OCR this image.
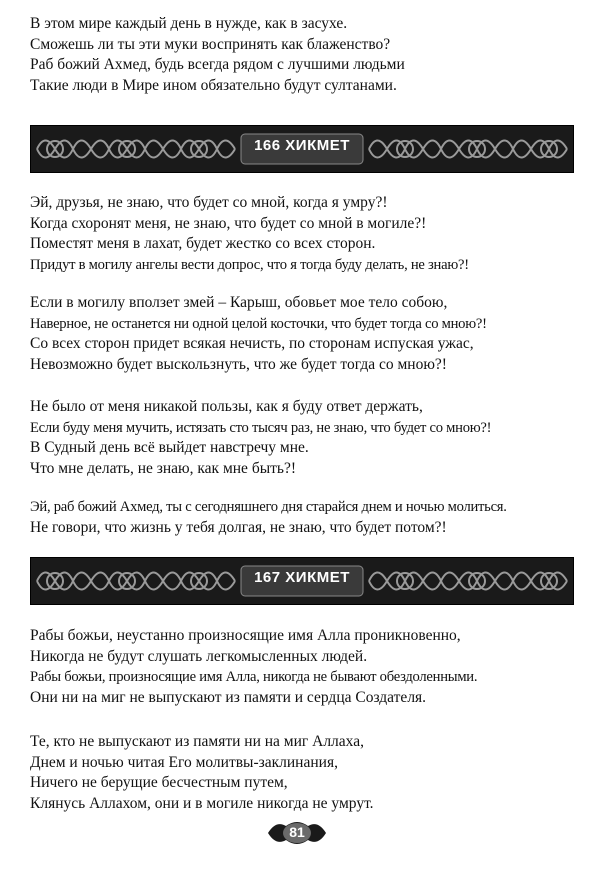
В этом мире каждый день в нужде, как в засухе.
Сможешь ли ты эти муки воспринять как блаженство?
Раб божий Ахмед, будь всегда рядом с лучшими людьми
Такие люди в Мире ином обязательно будут султанами.
166 ХИКМЕТ
Эй, друзья, не знаю, что будет со мной, когда я умру?!
Когда схоронят меня, не знаю, что будет со мной в могиле?!
Поместят меня в лахат, будет жестко со всех сторон.
Придут в могилу ангелы вести допрос, что я тогда буду делать, не знаю?!
Если в могилу вползет змей – Карыш, обовьет мое тело собою,
Наверное, не останется ни одной целой косточки, что будет тогда со мною?!
Со всех сторон придет всякая нечисть, по сторонам испуская ужас,
Невозможно будет выскользнуть, что же будет тогда со мною?!
Не было от меня никакой пользы, как я буду ответ держать,
Если буду меня мучить, истязать сто тысяч раз, не знаю, что будет со мною?!
В Судный день всё выйдет навстречу мне.
Что мне делать, не знаю, как мне быть?!
Эй, раб божий Ахмед, ты с сегодняшнего дня старайся днем и ночью молиться.
Не говори, что жизнь у тебя долгая, не знаю, что будет потом?!
167 ХИКМЕТ
Рабы божьи, неустанно произносящие имя Алла проникновенно,
Никогда не будут слушать легкомысленных людей.
Рабы божьи, произносящие имя Алла, никогда не бывают обездоленными.
Они ни на миг не выпускают из памяти и сердца Создателя.
Те, кто не выпускают из памяти ни на миг Аллаха,
Днем и ночью читая Его молитвы-заклинания,
Ничего не берущие бесчестным путем,
Клянусь Аллахом, они и в могиле никогда не умрут.
81
